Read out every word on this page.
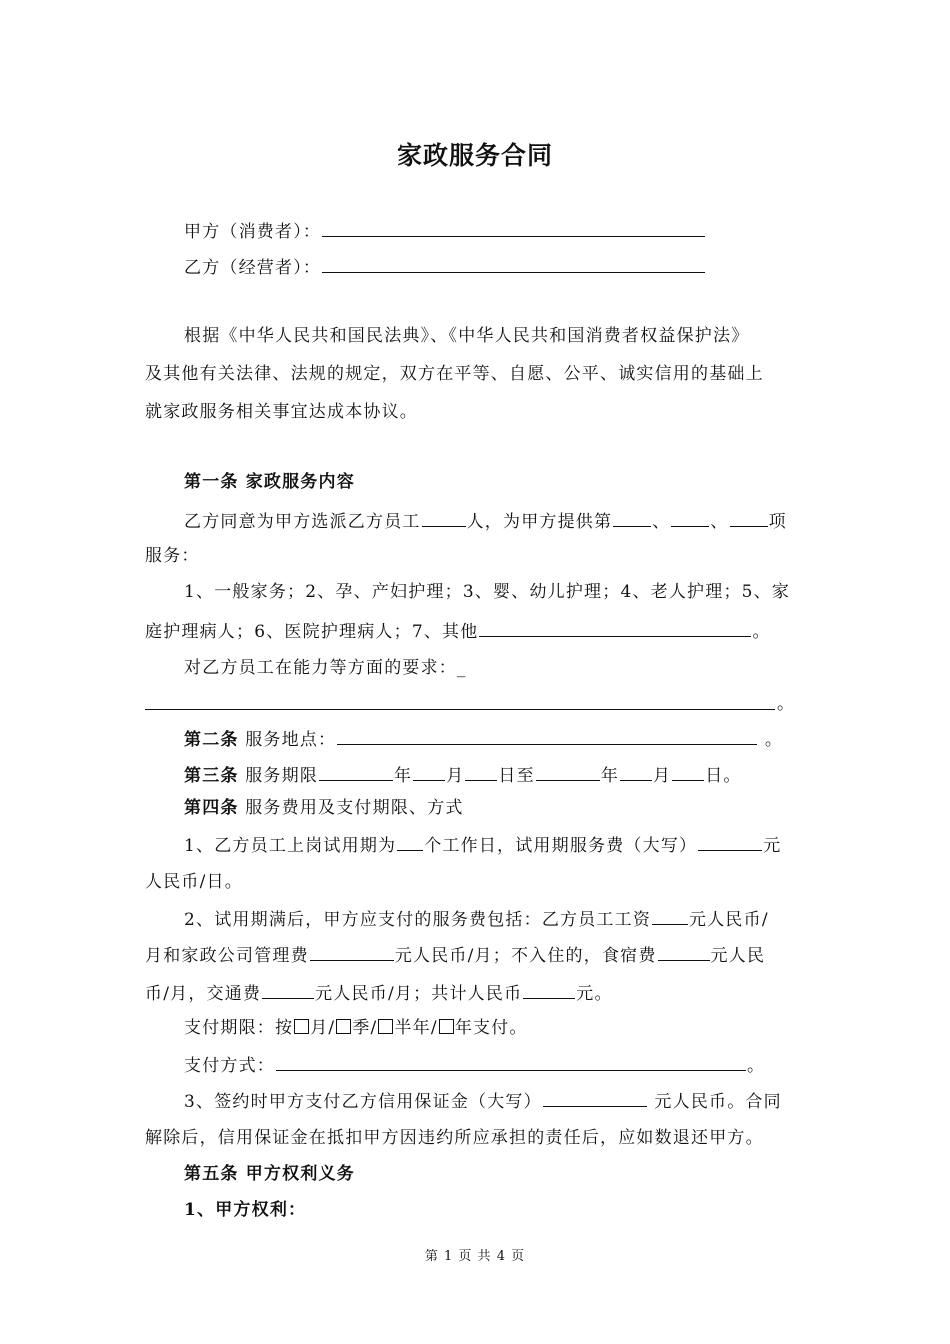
家政服务合同
甲方（消费者）：
乙方（经营者）：
根据《中华人民共和国民法典》、《中华人民共和国消费者权益保护法》
及其他有关法律、法规的规定，双方在平等、自愿、公平、诚实信用的基础上
就家政服务相关事宜达成本协议。
第一条 家政服务内容
乙方同意为甲方选派乙方员工	人，为甲方提供第 、 、 项
服务：
1、一般家务；2、孕、产妇护理；3、婴、幼儿护理；4、老人护理；5、家
庭护理病人；6、医院护理病人；7、其他	。
对乙方员工在能力等方面的要求：_
。
第二条 服务地点：	。
第三条 服务期限	年 月 日至	年 月 日。
第四条 服务费用及支付期限、方式
1、乙方员工上岗试用期为 个工作日，试用期服务费（大写）	元
人民币/日。
2、试用期满后，甲方应支付的服务费包括：乙方员工工资 元人民币/
月和家政公司管理费	元人民币/月；不入住的，食宿费	元人民
币/月，交通费	元人民币/月；共计人民币	元。
支付期限：按 月/ 季/ 半年/ 年支付。
支付方式：	。
3、签约时甲方支付乙方信用保证金（大写）	元人民币。合同
解除后，信用保证金在抵扣甲方因违约所应承担的责任后，应如数退还甲方。
第五条 甲方权利义务
1、甲方权利：
第 1 页 共 4 页
